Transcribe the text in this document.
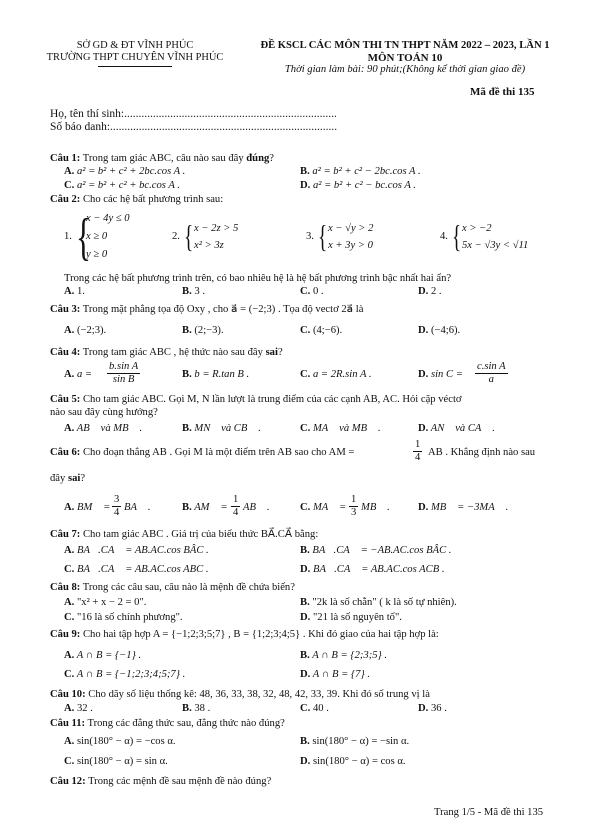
SỞ GD & ĐT VĨNH PHÚC
TRƯỜNG THPT CHUYÊN VĨNH PHÚC
ĐỀ KSCL CÁC MÔN THI TN THPT NĂM 2022 – 2023, LẦN 1
MÔN TOÁN 10
Thời gian làm bài: 90 phút;(Không kể thời gian giao đề)
Mã đề thi 135
Họ, tên thí sinh:..........................................................................
Số báo danh:...............................................................................
Câu 1: Trong tam giác ABC, câu nào sau đây đúng?
A. a² = b² + c² + 2bc.cos A .	B. a² = b² + c² − 2bc.cos A .
C. a² = b² + c² + bc.cos A .	D. a² = b² + c² − bc.cos A .
Câu 2: Cho các hệ bất phương trình sau:
1. {
x − 4y ≤ 0
x ≥ 0
y ≥ 0
2. { x − 2z > 5
x² > 3z
3. { x − √y > 2
x + 3y > 0
4. { x > −2
5x − √3y < √11
Trong các hệ bất phương trình trên, có bao nhiêu hệ là hệ bất phương trình bậc nhất hai ẩn?
A. 1.	B. 3 .	C. 0 .	D. 2 .
Câu 3: Trong mặt phẳng tọa độ Oxy , cho a⃗ = (−2;3) . Tọa độ vectơ 2a⃗ là
A. (−2;3).	B. (2;−3).	C. (4;−6).	D. (−4;6).
Câu 4: Trong tam giác ABC , hệ thức nào sau đây sai?
A. $a = \frac{\text{b.sin A}}{\text{sin B}}$	B. b = R.tan B .	C. a = 2R.sin A .	D. $\sin C = \frac{\text{c.sin A}}{a}$
Câu 5: Cho tam giác ABC. Gọi M, N lần lượt là trung điểm của các cạnh AB, AC. Hỏi cặp véctơ
nào sau đây cùng hướng?
A. AB⃗ và MB⃗ .	B. MN⃗ và CB⃗ .	C. MA⃗ và MB⃗ .	D. AN⃗ và CA⃗ .
Câu 6: Cho đoạn thẳng AB . Gọi M là một điểm trên AB sao cho AM =	$\frac{1}{4}$ AB . Khẳng định nào sau
đây sai?
A. BM⃗ = $\frac{3}{4}$ BA⃗ .	B. AM⃗ = $\frac{1}{4}$ AB⃗ .	C. MA⃗ = $\frac{1}{3}$ MB⃗ .	D. MB⃗ = −3MA⃗ .
Câu 7: Cho tam giác ABC . Giá trị của biểu thức BA⃗.CA⃗ bằng:
A. BA⃗.CA⃗ = AB.AC.cos BÂC .	B. BA⃗.CA⃗ = −AB.AC.cos BÂC .
C. BA⃗.CA⃗ = AB.AC.cos ABC .	D. BA⃗.CA⃗ = AB.AC.cos ACB .
Câu 8: Trong các câu sau, câu nào là mệnh đề chứa biến?
A. "x² + x − 2 = 0".	B. "2k là số chẵn" ( k là số tự nhiên).
C. "16 là số chính phương".	D. "21 là số nguyên tố".
Câu 9: Cho hai tập hợp A = {−1;2;3;5;7} , B = {1;2;3;4;5} . Khi đó giao của hai tập hợp là:
A. A ∩ B = {−1} .	B. A ∩ B = {2;3;5} .
C. A ∩ B = {−1;2;3;4;5;7} .	D. A ∩ B = {7} .
Câu 10: Cho dãy số liệu thống kê: 48, 36, 33, 38, 32, 48, 42, 33, 39. Khi đó số trung vị là
A. 32 .	B. 38 .	C. 40 .	D. 36 .
Câu 11: Trong các đẳng thức sau, đẳng thức nào đúng?
A. sin(180° − α) = −cos α.	B. sin(180° − α) = −sin α.
C. sin(180° − α) = sin α.	D. sin(180° − α) = cos α.
Câu 12: Trong các mệnh đề sau mệnh đề nào đúng?
Trang 1/5 - Mã đề thi 135
